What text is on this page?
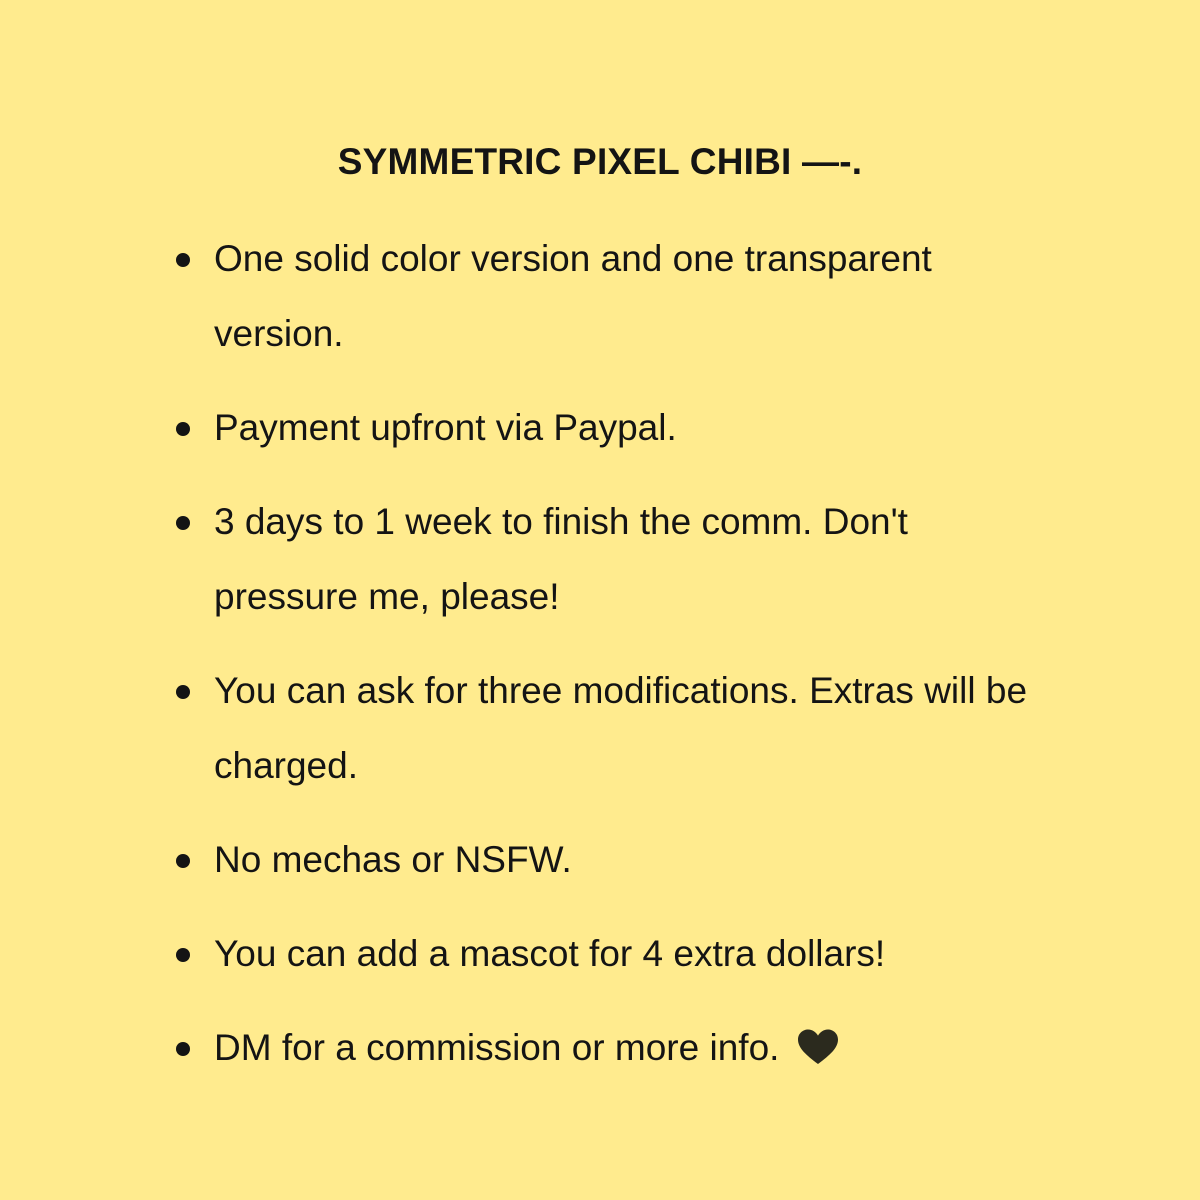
SYMMETRIC PIXEL CHIBI —-.
One solid color version and one transparent version.
Payment upfront via Paypal.
3 days to 1 week to finish the comm. Don't pressure me, please!
You can ask for three modifications. Extras will be charged.
No mechas or NSFW.
You can add a mascot for 4 extra dollars!
DM for a commission or more info.
